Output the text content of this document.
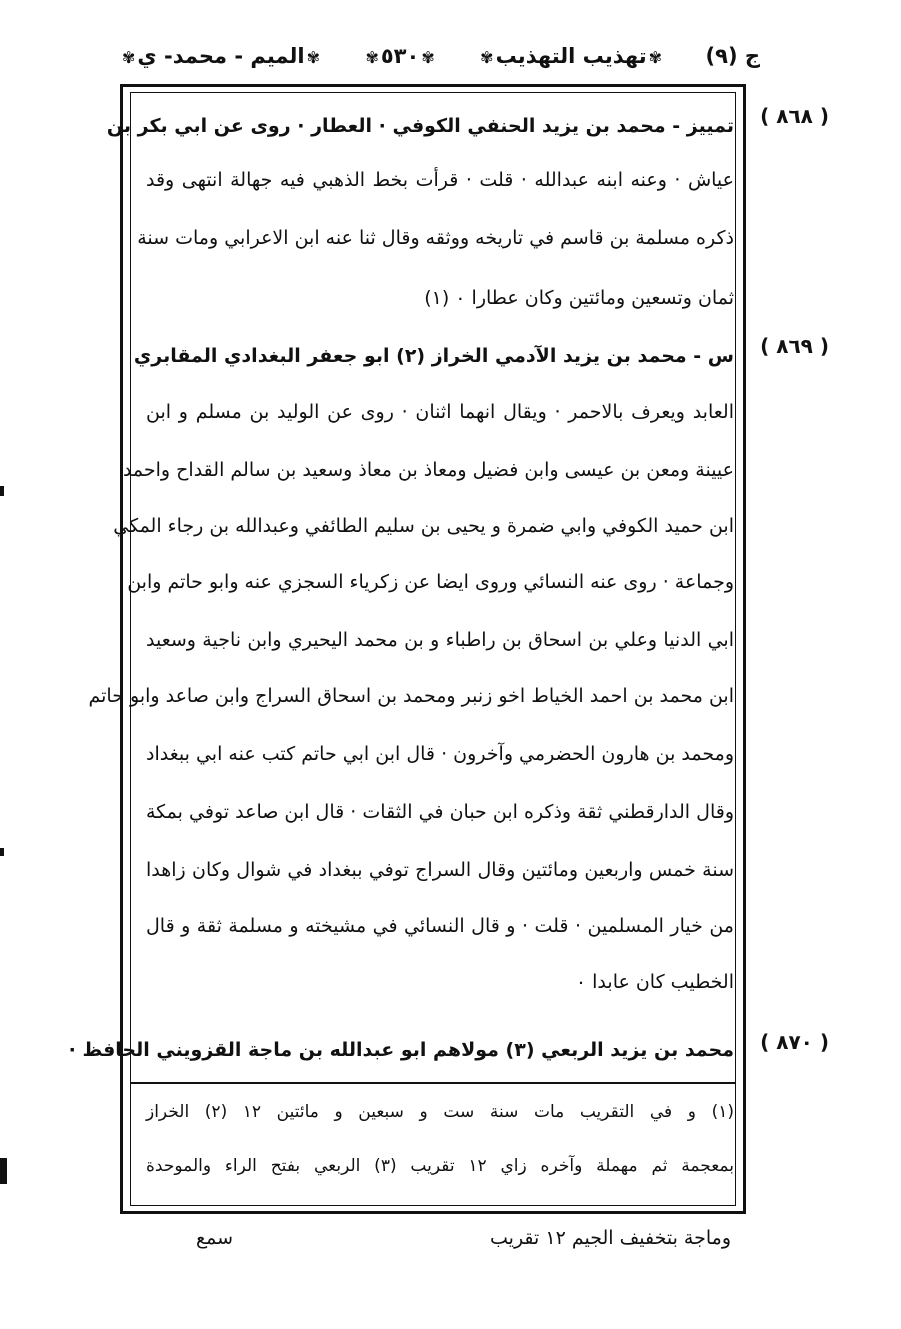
ج (٩)
✾تهذيب التهذيب✾
✾٥٣٠✾
✾الميم - محمد- ي✾
( ٨٦٨ )
تمييز - محمد بن يزيد الحنفي الكوفي · العطار · روى عن ابي بكر بن
عياش · وعنه ابنه عبدالله · قلت · قرأت بخط الذهبي فيه جهالة انتهى وقد
ذكره مسلمة بن قاسم في تاريخه ووثقه وقال ثنا عنه ابن الاعرابي ومات سنة
ثمان وتسعين ومائتين وكان عطارا ٠ (١)
( ٨٦٩ )
س - محمد بن يزيد الآدمي الخراز (٢) ابو جعفر البغدادي المقابري
العابد ويعرف بالاحمر · ويقال انهما اثنان · روى عن الوليد بن مسلم و ابن
عيينة ومعن بن عيسى وابن فضيل ومعاذ بن معاذ وسعيد بن سالم القداح واحمد
ابن حميد الكوفي وابي ضمرة و يحيى بن سليم الطائفي وعبدالله بن رجاء المكي
وجماعة · روى عنه النسائي وروى ايضا عن زكرياء السجزي عنه وابو حاتم وابن
ابي الدنيا وعلي بن اسحاق بن راطباء و بن محمد اليحيري وابن ناجية وسعيد
ابن محمد بن احمد الخياط اخو زنبر ومحمد بن اسحاق السراج وابن صاعد وابو حاتم
ومحمد بن هارون الحضرمي وآخرون · قال ابن ابي حاتم كتب عنه ابي ببغداد
وقال الدارقطني ثقة وذكره ابن حبان في الثقات · قال ابن صاعد توفي بمكة
سنة خمس واربعين ومائتين وقال السراج توفي ببغداد في شوال وكان زاهدا
من خيار المسلمين · قلت · و قال النسائي في مشيخته و مسلمة ثقة و قال
الخطيب كان عابدا ٠
( ٨٧٠ )
محمد بن يزيد الربعي (٣) مولاهم ابو عبدالله بن ماجة القزويني الحافظ ·
(١) و في التقريب مات سنة ست و سبعين و مائتين ١٢ (٢) الخراز
بمعجمة ثم مهملة وآخره زاي ١٢ تقريب (٣) الربعي بفتح الراء والموحدة
وماجة بتخفيف الجيم ١٢ تقريب
سمع
